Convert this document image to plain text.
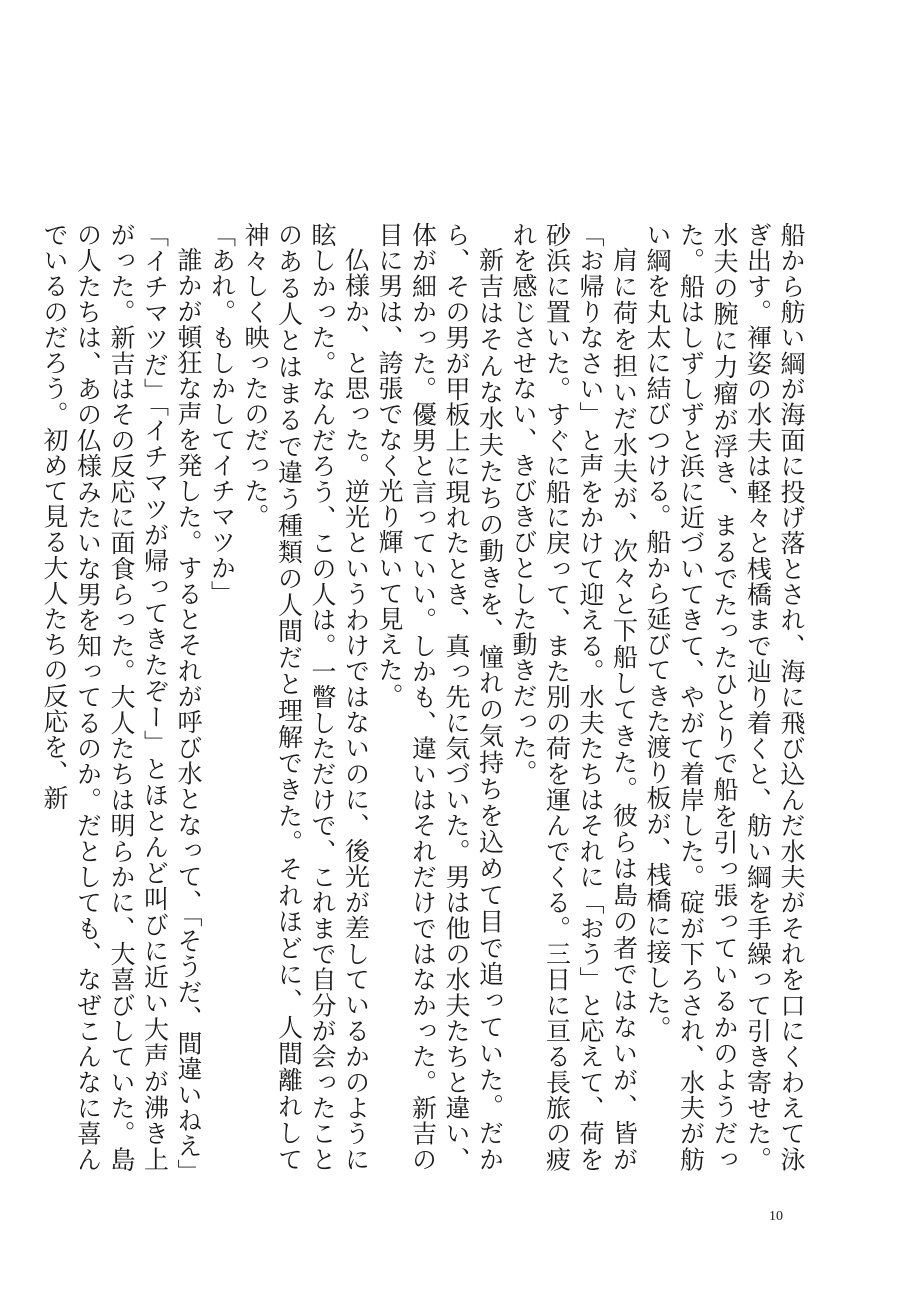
船から舫い綱が海面に投げ落とされ、海に飛び込んだ水夫がそれを口にくわえて泳ぎ出す。褌姿の水夫は軽々と桟橋まで辿り着くと、舫い綱を手繰って引き寄せた。水夫の腕に力瘤が浮き、まるでたったひとりで船を引っ張っているかのようだった。船はしずしずと浜に近づいてきて、やがて着岸した。碇が下ろされ、水夫が舫い綱を丸太に結びつける。船から延びてきた渡り板が、桟橋に接した。

肩に荷を担いだ水夫が、次々と下船してきた。彼らは島の者ではないが、皆が「お帰りなさい」と声をかけて迎える。水夫たちはそれに「おう」と応えて、荷を砂浜に置いた。すぐに船に戻って、また別の荷を運んでくる。三日に亘る長旅の疲れを感じさせない、きびきびとした動きだった。

新吉はそんな水夫たちの動きを、憧れの気持ちを込めて目で追っていた。だから、その男が甲板上に現れたとき、真っ先に気づいた。男は他の水夫たちと違い、体が細かった。優男と言っていい。しかも、違いはそれだけではなかった。新吉の目に男は、誇張でなく光り輝いて見えた。

仏様か、と思った。逆光というわけではないのに、後光が差しているかのように眩しかった。なんだろう、この人は。一瞥しただけで、これまで自分が会ったことのある人とはまるで違う種類の人間だと理解できた。それほどに、人間離れして神々しく映ったのだった。

「あれ。もしかしてイチマツか」

誰かが頓狂な声を発した。するとそれが呼び水となって、「そうだ、間違いねえ」「イチマツだ」「イチマツが帰ってきたぞー」とほとんど叫びに近い大声が沸き上がった。新吉はその反応に面食らった。大人たちは明らかに、大喜びしていた。島の人たちは、あの仏様みたいな男を知ってるのか。だとしても、なぜこんなに喜んでいるのだろう。初めて見る大人たちの反応を、新

10
